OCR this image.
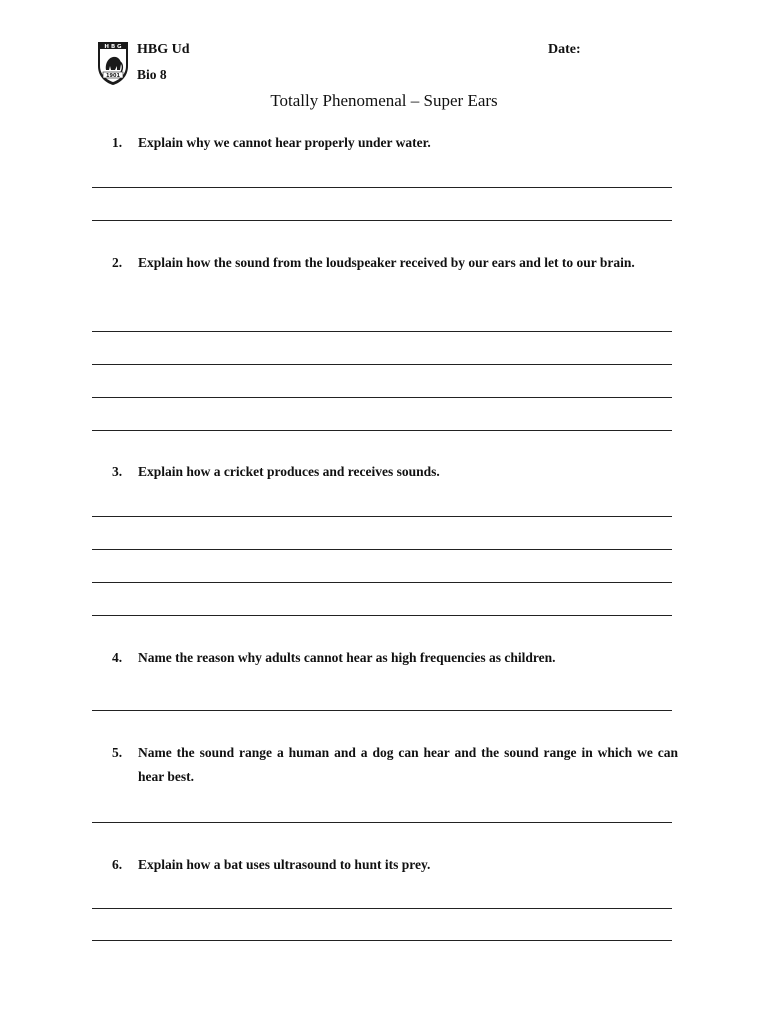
H B G
1901
HBG Ud
Bio 8
Date:
Totally Phenomenal – Super Ears
1. Explain why we cannot hear properly under water.
2. Explain how the sound from the loudspeaker received by our ears and let to our brain.
3. Explain how a cricket produces and receives sounds.
4. Name the reason why adults cannot hear as high frequencies as children.
5. Name the sound range a human and a dog can hear and the sound range in which we can hear best.
6. Explain how a bat uses ultrasound to hunt its prey.
